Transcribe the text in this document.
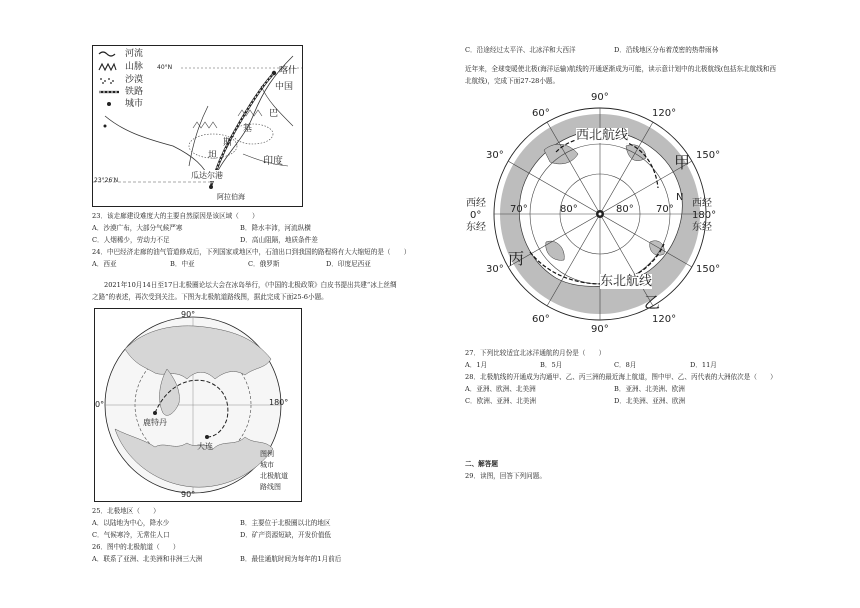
河流
山脉
沙漠
铁路
城市
40°N
23°26′N
喀什
中国
巴
基
斯
坦	印度
瓜达尔港
阿拉伯海
23．该走廊建设难度大的主要自然原因是该区域（　　）
A．沙漠广布，大部分气候严寒	B．降水丰沛，河流纵横
C．人烟稀少，劳动力不足	D．高山阻隔，地质条件差
24．中巴经济走廊的油气管道修成后，下列国家或地区中，石油出口到我国的路程将有大大缩短的是（　　）
A．西亚	B．中亚	C．俄罗斯	D．印度尼西亚
2021年10月14日至17日北极圈论坛大会在冰岛举行，《中国的北极政策》白皮书提出共建“冰上丝绸
之路”的表述，再次受到关注。下图为北极航道路线图，据此完成下面25-6小题。
90°
90°
0°	180°
鹿特丹
大连
图例
城市
北极航道
路线图
25．北极地区（　　）
A．以陆地为中心，降水少	B．主要位于北极圈以北的地区
C．气候寒冷，无常住人口	D．矿产资源短缺，开发价值低
26．图中的北极航道（　　）
A．联系了亚洲、北美洲和非洲三大洲	B．最佳通航时间为每年的1月前后
C．沿途经过太平洋、北冰洋和大西洋	D．沿线地区分布着茂密的热带雨林
近年来，全球变暖使北极(海洋运输)航线的开通逐渐成为可能，读示意计划中的北极航线(包括东北航线和西
北航线)，完成下面27-28小题。
90°
90°
60°	120°
30°	150°
西经
0°
东经
70°	80°	80° 70°
N
西经
180°
东经
30°	150°
60°	120°
西北航线
东北航线
甲
乙
丙
27．下列比较适宜北冰洋通航的月份是（　　）
A．1月	B．5月	C．8月	D．11月
28．北极航线的开通成为沟通甲、乙、丙三洲的最近海上航道，图中甲、乙、丙代表的大洲依次是（　　）
A．亚洲、欧洲、北美洲	B．亚洲、北美洲、欧洲
C．欧洲、亚洲、北美洲	D．北美洲、亚洲、欧洲
二、解答题
29．读图，回答下列问题。
